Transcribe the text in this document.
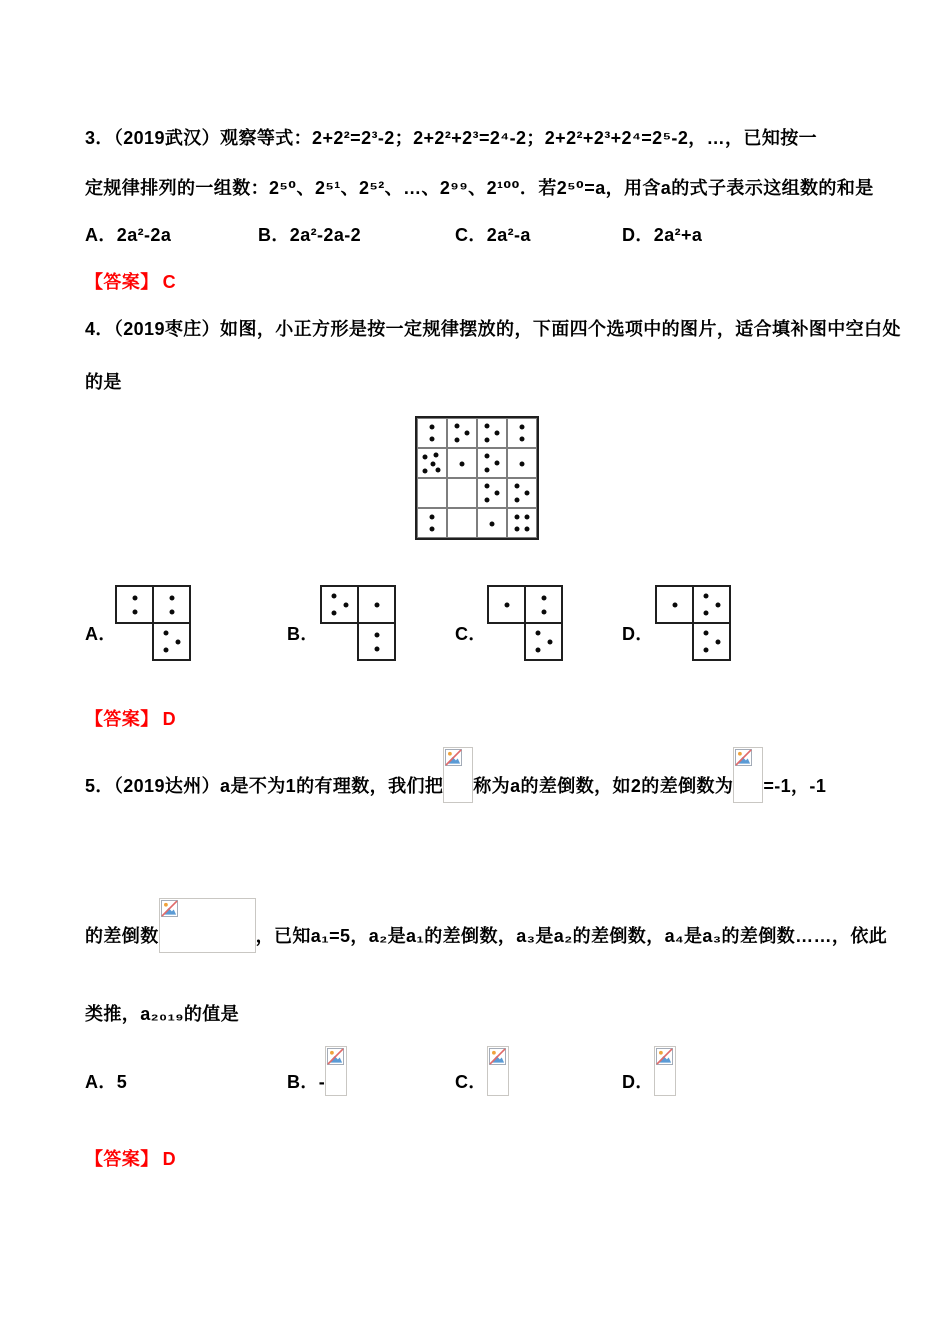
3．（2019武汉）观察等式：2+2²=2³-2；2+2²+2³=2⁴-2；2+2²+2³+2⁴=2⁵-2，…，已知按一
定规律排列的一组数：2⁵⁰、2⁵¹、2⁵²、…、2⁹⁹、2¹⁰⁰．若2⁵⁰=a，用含a的式子表示这组数的和是
A．2a²-2a	B．2a²-2a-2	C．2a²-a	D．2a²+a
【答案】 C
4．（2019枣庄）如图，小正方形是按一定规律摆放的，下面四个选项中的图片，适合填补图中空白处
的是
A．	B．	C．	D．
【答案】 D
5．（2019达州）a是不为1的有理数，我们把 称为a的差倒数，如2的差倒数为 =-1，-1
的差倒数	，已知a₁=5，a₂是a₁的差倒数，a₃是a₂的差倒数，a₄是a₃的差倒数……，依此
类推，a₂₀₁₉的值是
A．5	B．-	C．	D．
【答案】 D
